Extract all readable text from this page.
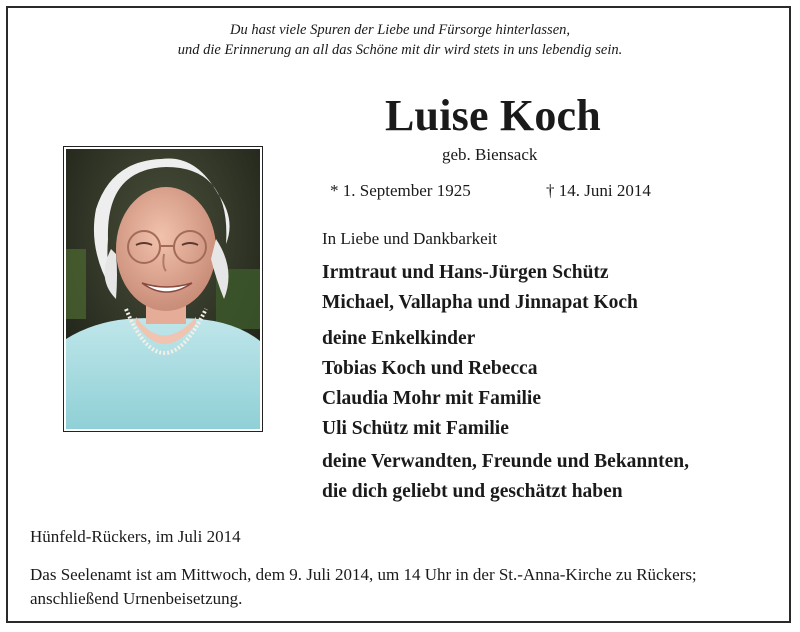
Du hast viele Spuren der Liebe und Fürsorge hinterlassen,
und die Erinnerung an all das Schöne mit dir wird stets in uns lebendig sein.
Luise Koch
geb. Biensack
* 1. September 1925	† 14. Juni 2014
In Liebe und Dankbarkeit
Irmtraut und Hans-Jürgen Schütz
Michael, Vallapha und Jinnapat Koch
deine Enkelkinder
Tobias Koch und Rebecca
Claudia Mohr mit Familie
Uli Schütz mit Familie
deine Verwandten, Freunde und Bekannten,
die dich geliebt und geschätzt haben
Hünfeld-Rückers, im Juli 2014
Das Seelenamt ist am Mittwoch, dem 9. Juli 2014, um 14 Uhr in der St.-Anna-Kirche zu Rückers;
anschließend Urnenbeisetzung.
